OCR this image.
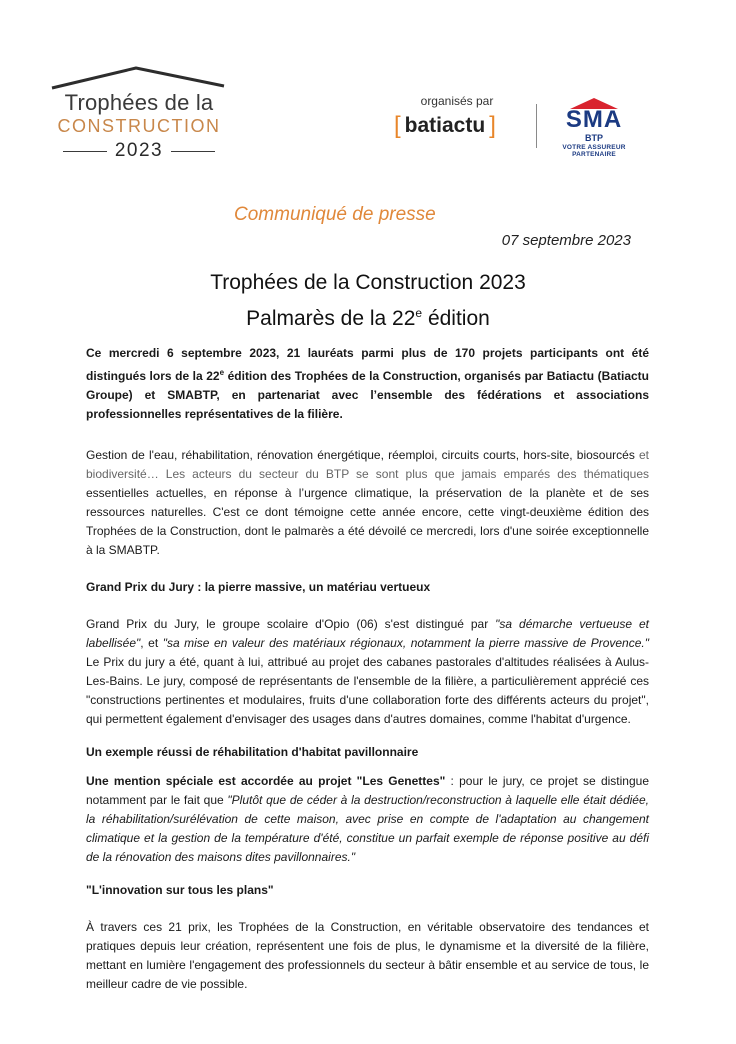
Trophées de la
CONSTRUCTION
2023
organisés par
[ batiactu ]	SMA
BTP
VOTRE ASSUREUR PARTENAIRE
Communiqué de presse
07 septembre 2023
Trophées de la Construction 2023
Palmarès de la 22e édition

Ce mercredi 6 septembre 2023, 21 lauréats parmi plus de 170 projets participants ont été distingués lors de la 22e édition des Trophées de la Construction, organisés par Batiactu (Batiactu Groupe) et SMABTP, en partenariat avec l’ensemble des fédérations et associations professionnelles représentatives de la filière.

Gestion de l'eau, réhabilitation, rénovation énergétique, réemploi, circuits courts, hors-site, biosourcés et biodiversité… Les acteurs du secteur du BTP se sont plus que jamais emparés des thématiques essentielles actuelles, en réponse à l’urgence climatique, la préservation de la planète et de ses ressources naturelles. C'est ce dont témoigne cette année encore, cette vingt-deuxième édition des Trophées de la Construction, dont le palmarès a été dévoilé ce mercredi, lors d'une soirée exceptionnelle à la SMABTP.

Grand Prix du Jury : la pierre massive, un matériau vertueux

Grand Prix du Jury, le groupe scolaire d'Opio (06) s'est distingué par "sa démarche vertueuse et labellisée", et "sa mise en valeur des matériaux régionaux, notamment la pierre massive de Provence." Le Prix du jury a été, quant à lui, attribué au projet des cabanes pastorales d'altitudes réalisées à Aulus-Les-Bains. Le jury, composé de représentants de l'ensemble de la filière, a particulièrement apprécié ces "constructions pertinentes et modulaires, fruits d'une collaboration forte des différents acteurs du projet", qui permettent également d'envisager des usages dans d'autres domaines, comme l'habitat d'urgence.

Un exemple réussi de réhabilitation d'habitat pavillonnaire

Une mention spéciale est accordée au projet "Les Genettes" : pour le jury, ce projet se distingue notamment par le fait que "Plutôt que de céder à la destruction/reconstruction à laquelle elle était dédiée, la réhabilitation/surélévation de cette maison, avec prise en compte de l'adaptation au changement climatique et la gestion de la température d'été, constitue un parfait exemple de réponse positive au défi de la rénovation des maisons dites pavillonnaires."

"L'innovation sur tous les plans"

À travers ces 21 prix, les Trophées de la Construction, en véritable observatoire des tendances et pratiques depuis leur création, représentent une fois de plus, le dynamisme et la diversité de la filière, mettant en lumière l'engagement des professionnels du secteur à bâtir ensemble et au service de tous, le meilleur cadre de vie possible.
